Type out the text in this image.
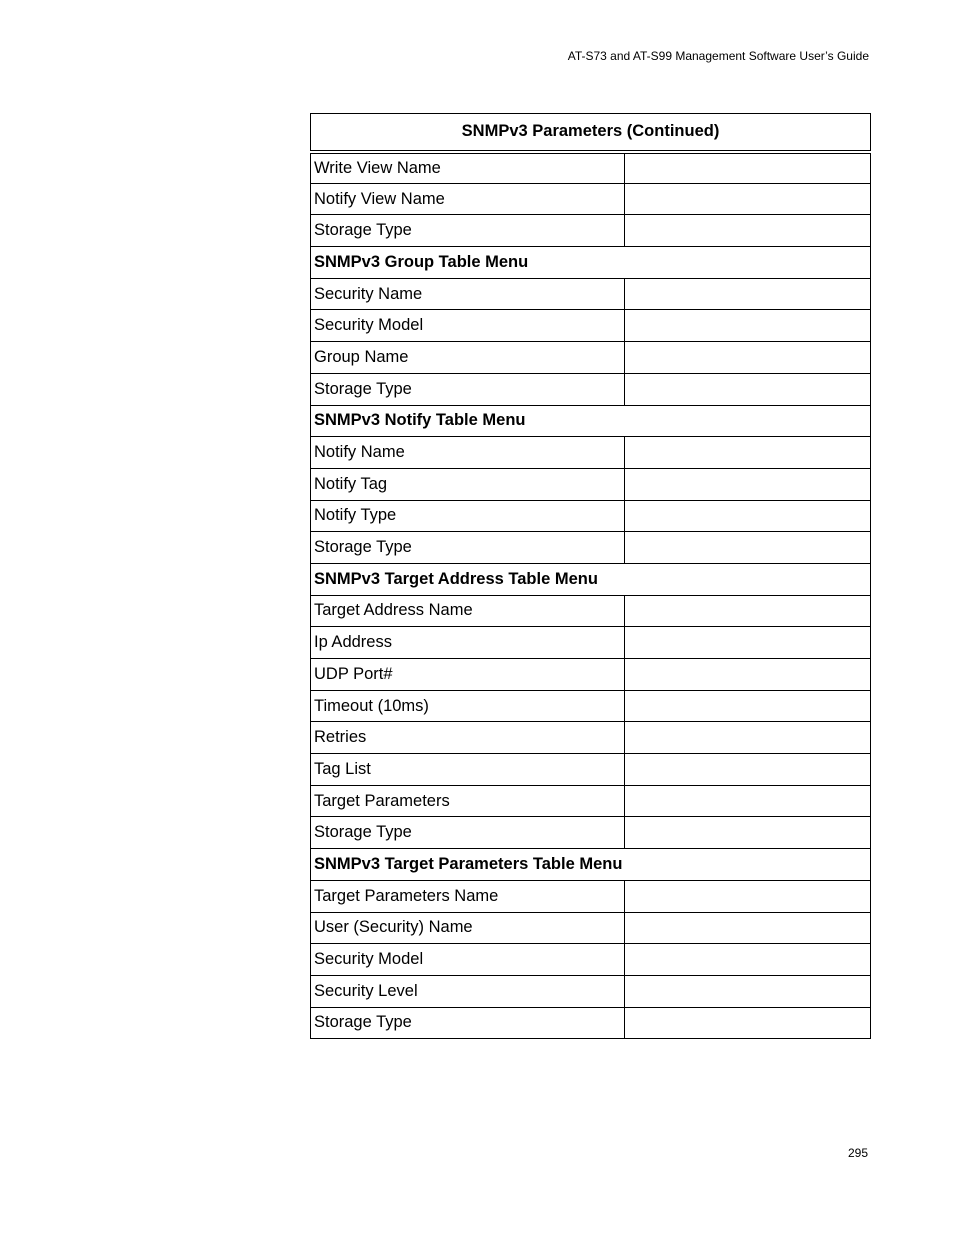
AT-S73 and AT-S99 Management Software User’s Guide
SNMPv3 Parameters (Continued)	
Write View Name	
Notify View Name	
Storage Type	
SNMPv3 Group Table Menu	
Security Name	
Security Model	
Group Name	
Storage Type	
SNMPv3 Notify Table Menu	
Notify Name	
Notify Tag	
Notify Type	
Storage Type	
SNMPv3 Target Address Table Menu	
Target Address Name	
Ip Address	
UDP Port#	
Timeout (10ms)	
Retries	
Tag List	
Target Parameters	
Storage Type	
SNMPv3 Target Parameters Table Menu	
Target Parameters Name	
User (Security) Name	
Security Model	
Security Level	
Storage Type	
295
